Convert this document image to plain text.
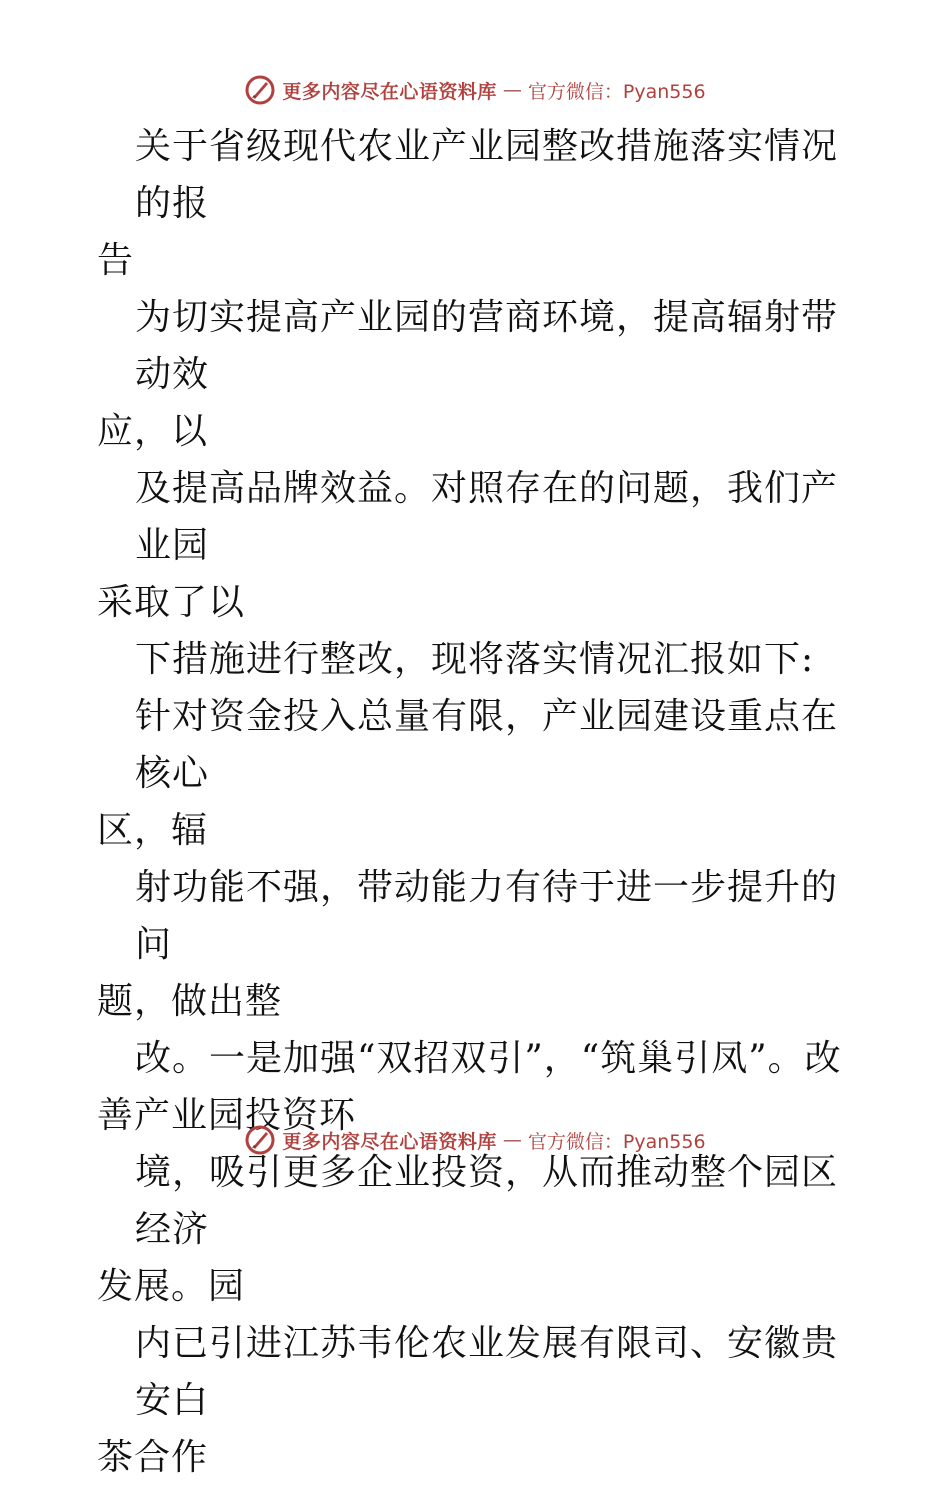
更多内容尽在心语资料库 — 官方微信：Pyan556

关于省级现代农业产业园整改措施落实情况的报

告

为切实提高产业园的营商环境，提高辐射带动效

应，以

及提高品牌效益。对照存在的问题，我们产业园

采取了以

下措施进行整改，现将落实情况汇报如下:

针对资金投入总量有限，产业园建设重点在核心

区，辐

射功能不强，带动能力有待于进一步提升的问

题，做出整

改。一是加强“双招双引”，“筑巢引凤”。改

善产业园投资环

境，吸引更多企业投资，从而推动整个园区经济

发展。园

内已引进江苏韦伦农业发展有限司、安徽贵安白

茶合作

更多内容尽在心语资料库 — 官方微信：Pyan556
